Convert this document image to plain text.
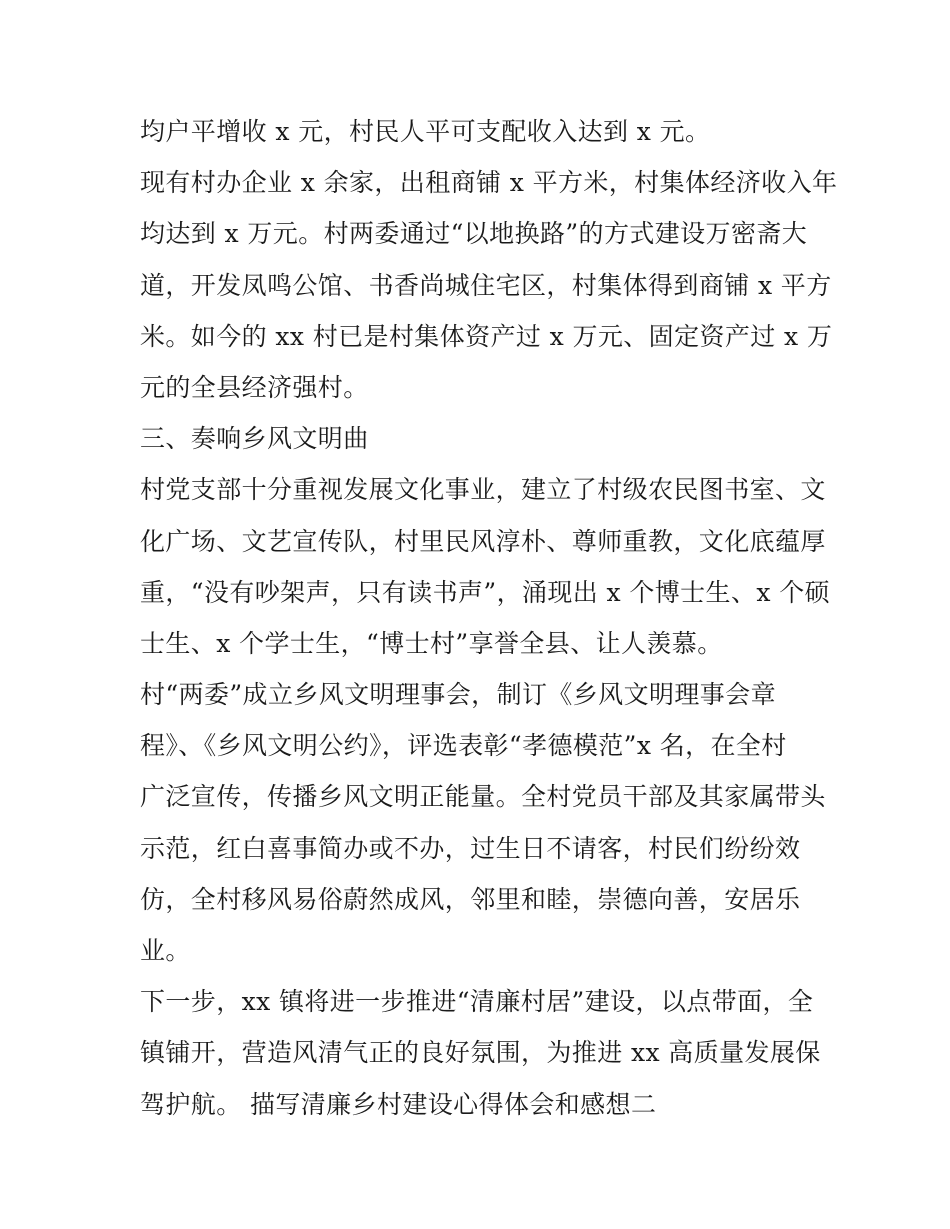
均户平增收 x 元，村民人平可支配收入达到 x 元。
现有村办企业 x 余家，出租商铺 x 平方米，村集体经济收入年
均达到 x 万元。村两委通过“以地换路”的方式建设万密斋大
道，开发凤鸣公馆、书香尚城住宅区，村集体得到商铺 x 平方
米。如今的 xx 村已是村集体资产过 x 万元、固定资产过 x 万
元的全县经济强村。
三、奏响乡风文明曲
村党支部十分重视发展文化事业，建立了村级农民图书室、文
化广场、文艺宣传队，村里民风淳朴、尊师重教，文化底蕴厚
重，“没有吵架声，只有读书声”，涌现出 x 个博士生、x 个硕
士生、x 个学士生，“博士村”享誉全县、让人羡慕。
村“两委”成立乡风文明理事会，制订《乡风文明理事会章
程》、《乡风文明公约》，评选表彰“孝德模范”x 名，在全村
广泛宣传，传播乡风文明正能量。全村党员干部及其家属带头
示范，红白喜事简办或不办，过生日不请客，村民们纷纷效
仿，全村移风易俗蔚然成风，邻里和睦，崇德向善，安居乐
业。
下一步，xx 镇将进一步推进“清廉村居”建设，以点带面，全
镇铺开，营造风清气正的良好氛围，为推进 xx 高质量发展保
驾护航。 描写清廉乡村建设心得体会和感想二
